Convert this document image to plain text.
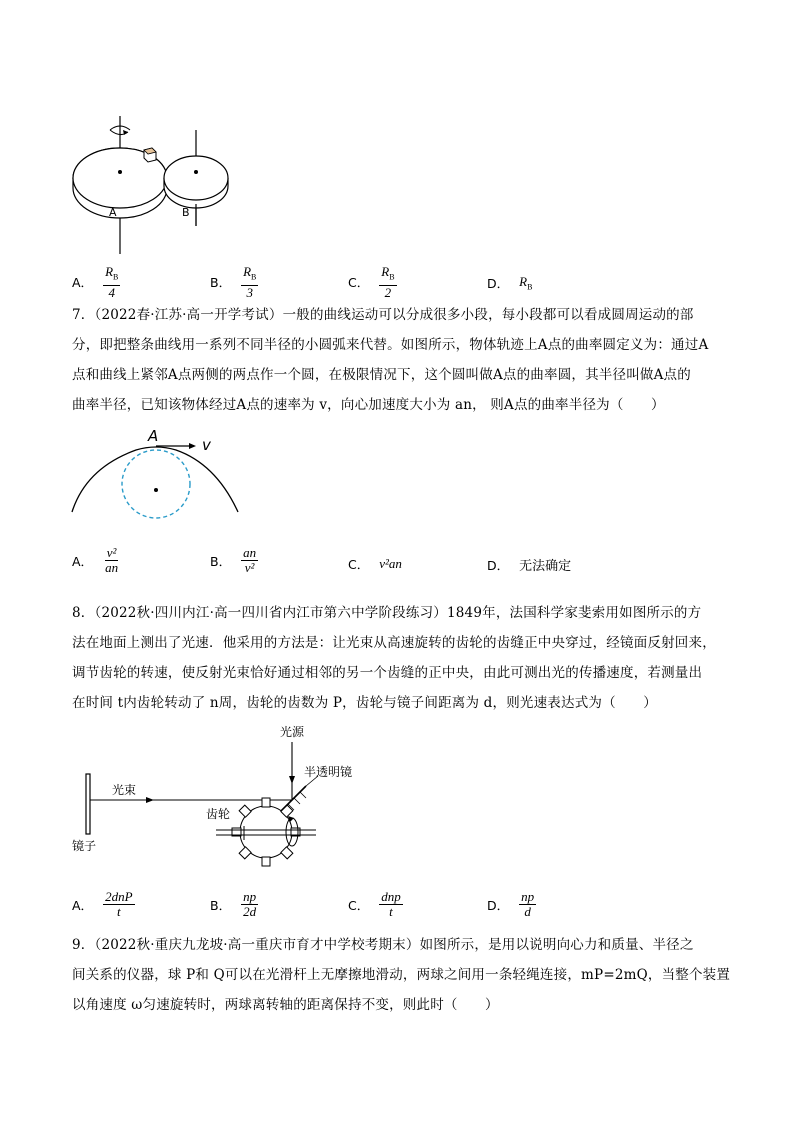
A	B
A． $\frac{R_B}{4}$	B． $\frac{R_B}{3}$	C． $\frac{R_B}{2}$	D． $R_B$

7．（2022春·江苏·高一开学考试）一般的曲线运动可以分成很多小段，每小段都可以看成圆周运动的部

分，即把整条曲线用一系列不同半径的小圆弧来代替。如图所示，物体轨迹上A点的曲率圆定义为：通过A

点和曲线上紧邻A点两侧的两点作一个圆，在极限情况下，这个圆叫做A点的曲率圆，其半径叫做A点的

曲率半径，已知该物体经过A点的速率为 v，向心加速度大小为 an， 则A点的曲率半径为（　　）

A	v
A． $\frac{\text{v²}}{an}$	B． $\frac{an}{\text{v²}}$	C． v²an	D． 无法确定

8．（2022秋·四川内江·高一四川省内江市第六中学阶段练习）1849年，法国科学家斐索用如图所示的方

法在地面上测出了光速．他采用的方法是：让光束从高速旋转的齿轮的齿缝正中央穿过，经镜面反射回来，

调节齿轮的转速，使反射光束恰好通过相邻的另一个齿缝的正中央，由此可测出光的传播速度，若测量出

在时间 t内齿轮转动了 n周，齿轮的齿数为 P，齿轮与镜子间距离为 d，则光速表达式为（　　）

光源
半透明镜
光束
齿轮
镜子
A． $\frac{\text{2dnP}}{t}$	B． $\frac{np}{2d}$	C． $\frac{\text{dnp}}{t}$	D． $\frac{np}{d}$

9．（2022秋·重庆九龙坡·高一重庆市育才中学校考期末）如图所示，是用以说明向心力和质量、半径之

间关系的仪器，球 P和 Q可以在光滑杆上无摩擦地滑动，两球之间用一条轻绳连接，mP=2mQ，当整个装置

以角速度 ω匀速旋转时，两球离转轴的距离保持不变，则此时（　　）
